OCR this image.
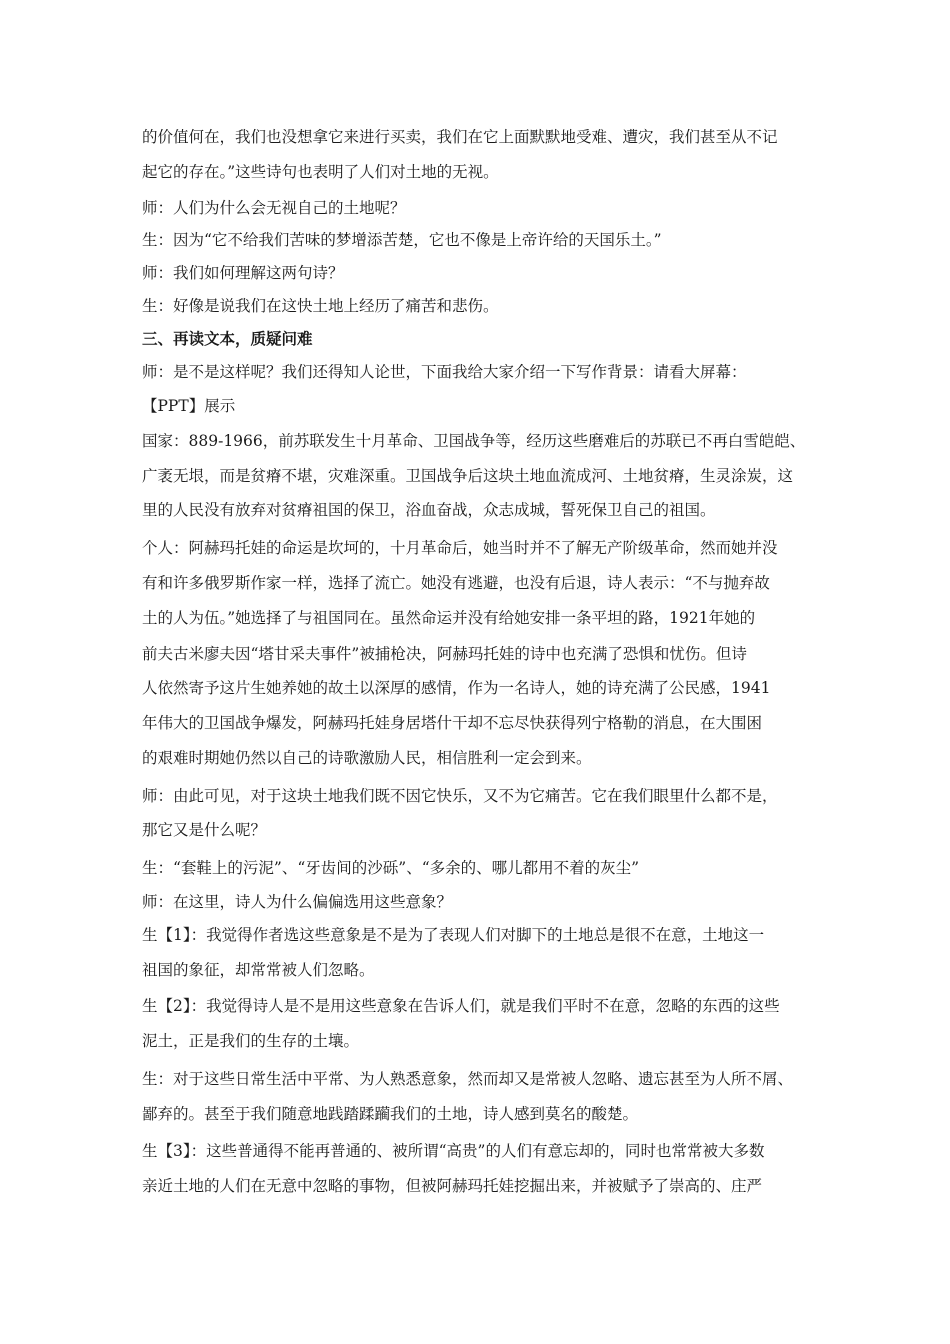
的价值何在，我们也没想拿它来进行买卖，我们在它上面默默地受难、遭灾，我们甚至从不记
起它的存在。”这些诗句也表明了人们对土地的无视。
师：人们为什么会无视自己的土地呢？
生：因为“它不给我们苦味的梦增添苦楚，它也不像是上帝许给的天国乐土。”
师：我们如何理解这两句诗？
生：好像是说我们在这快土地上经历了痛苦和悲伤。
三、再读文本，质疑问难
师：是不是这样呢？我们还得知人论世，下面我给大家介绍一下写作背景：请看大屏幕：
【PPT】展示
国家：889-1966，前苏联发生十月革命、卫国战争等，经历这些磨难后的苏联已不再白雪皑皑、
广袤无垠，而是贫瘠不堪，灾难深重。卫国战争后这块土地血流成河、土地贫瘠，生灵涂炭，这
里的人民没有放弃对贫瘠祖国的保卫，浴血奋战，众志成城，誓死保卫自己的祖国。
个人：阿赫玛托娃的命运是坎坷的，十月革命后，她当时并不了解无产阶级革命，然而她并没
有和许多俄罗斯作家一样，选择了流亡。她没有逃避，也没有后退，诗人表示：“不与抛弃故
土的人为伍。”她选择了与祖国同在。虽然命运并没有给她安排一条平坦的路，1921年她的
前夫古米廖夫因“塔甘采夫事件”被捕枪决，阿赫玛托娃的诗中也充满了恐惧和忧伤。但诗
人依然寄予这片生她养她的故土以深厚的感情，作为一名诗人，她的诗充满了公民感，1941
年伟大的卫国战争爆发，阿赫玛托娃身居塔什干却不忘尽快获得列宁格勒的消息，在大围困
的艰难时期她仍然以自己的诗歌激励人民，相信胜利一定会到来。
师：由此可见，对于这块土地我们既不因它快乐，又不为它痛苦。它在我们眼里什么都不是，
那它又是什么呢？
生：“套鞋上的污泥”、“牙齿间的沙砾”、“多余的、哪儿都用不着的灰尘”
师：在这里，诗人为什么偏偏选用这些意象？
生【1】：我觉得作者选这些意象是不是为了表现人们对脚下的土地总是很不在意，土地这一
祖国的象征，却常常被人们忽略。
生【2】：我觉得诗人是不是用这些意象在告诉人们，就是我们平时不在意，忽略的东西的这些
泥土，正是我们的生存的土壤。
生：对于这些日常生活中平常、为人熟悉意象，然而却又是常被人忽略、遗忘甚至为人所不屑、
鄙弃的。甚至于我们随意地践踏蹂躏我们的土地，诗人感到莫名的酸楚。
生【3】：这些普通得不能再普通的、被所谓“高贵”的人们有意忘却的，同时也常常被大多数
亲近土地的人们在无意中忽略的事物，但被阿赫玛托娃挖掘出来，并被赋予了崇高的、庄严
